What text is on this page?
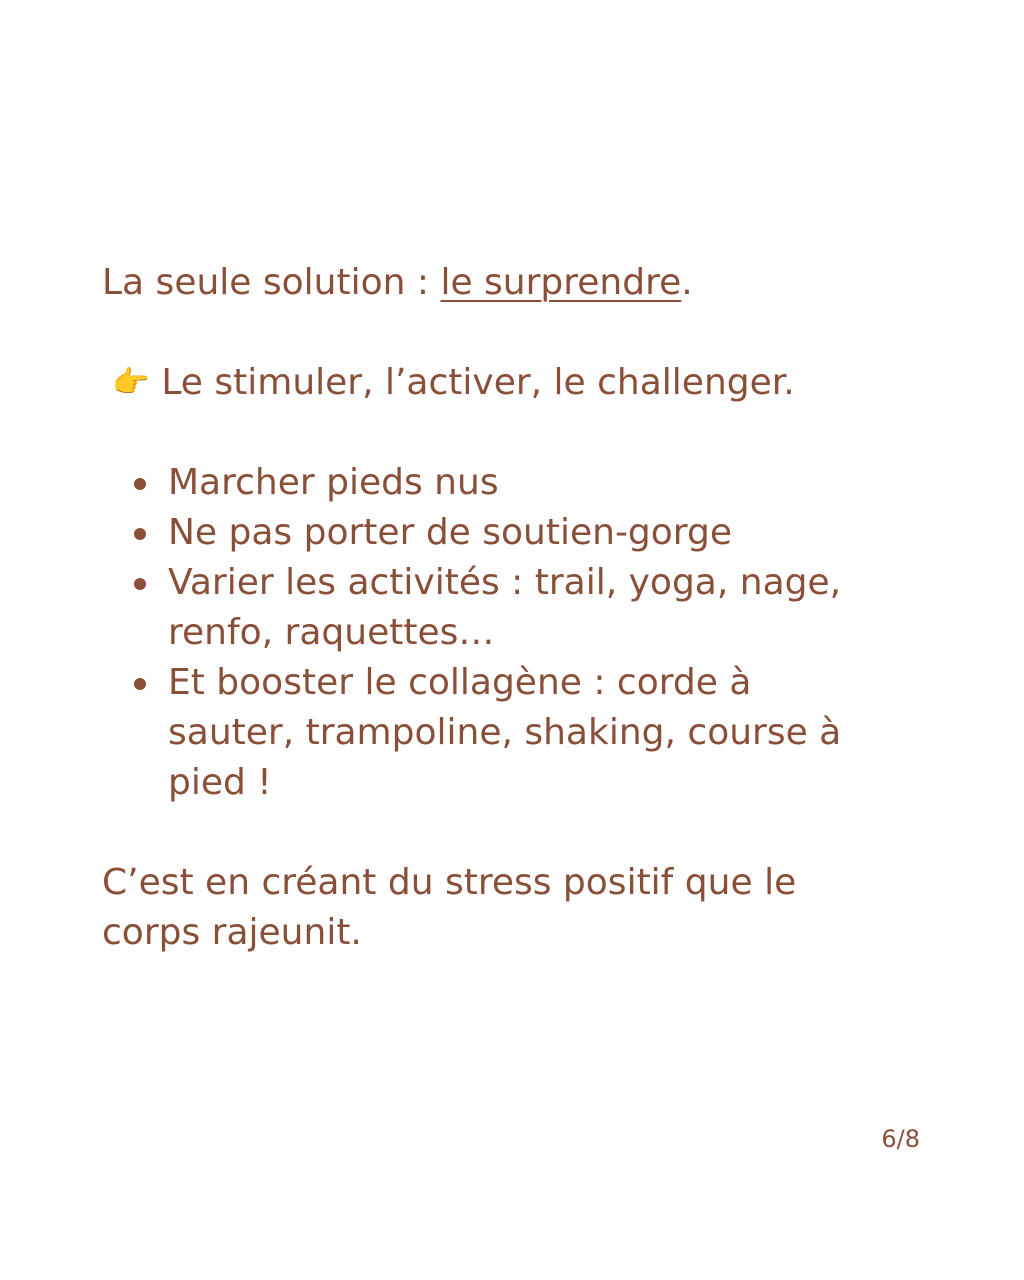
La seule solution : le surprendre.

👉 Le stimuler, l’activer, le challenger.

Marcher pieds nus
Ne pas porter de soutien-gorge
Varier les activités : trail, yoga, nage,
renfo, raquettes…
Et booster le collagène : corde à
sauter, trampoline, shaking, course à
pied !

C’est en créant du stress positif que le

corps rajeunit.

6/8
